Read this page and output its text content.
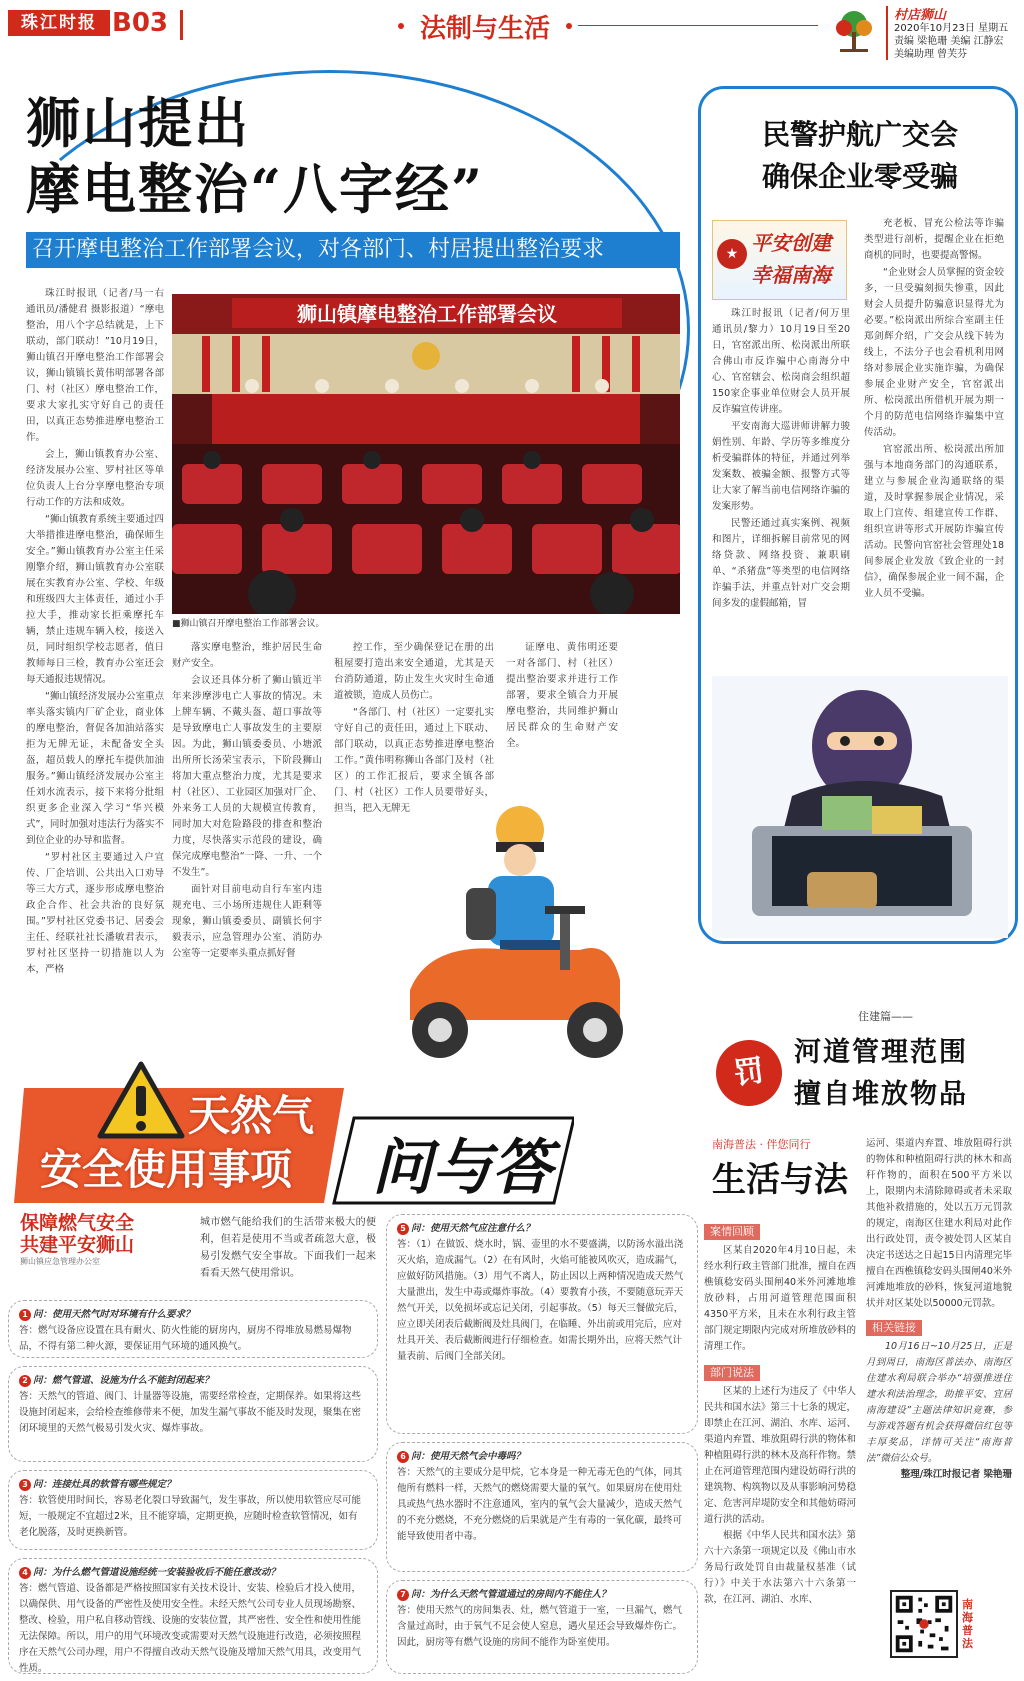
珠江时报 B03	法制与生活	村店狮山
2020年10月23日 星期五
责编 梁艳珊 美编 江静宏
美编助理 曾芙芬
狮山提出
摩电整治“八字经”
召开摩电整治工作部署会议，对各部门、村居提出整治要求
狮山镇摩电整治工作部署会议
■狮山镇召开摩电整治工作部署会议。

珠江时报讯（记者/马一右 通讯员/潘健君 摄影报道）“摩电整治，用八个字总结就是，上下联动，部门联动！”10月19日，狮山镇召开摩电整治工作部署会议，狮山镇镇长黄伟明部署各部门、村（社区）摩电整治工作，要求大家扎实守好自己的责任田，以真正态势推进摩电整治工作。

会上，狮山镇教育办公室、经济发展办公室、罗村社区等单位负责人上台分享摩电整治专项行动工作的方法和成效。

“狮山镇教育系统主要通过四大举措推进摩电整治，确保师生安全。”狮山镇教育办公室主任采刚擎介绍，狮山镇教育办公室联展在实教育办公室、学校、年级和班级四大主体责任，通过小手拉大手，推动家长拒乘摩托车辆，禁止违规车辆入校，接送入员，同时组织学校志愿者，值日教师每日三检，教育办公室还会每天通报违规情况。

“狮山镇经济发展办公室重点率头落实镇内厂矿企业，商业体的摩电整治，督促各加油站落实拒为无牌无证，未配备安全头盔，超员载人的摩托车提供加油服务。”狮山镇经济发展办公室主任刘水流表示，接下来将分批组织更多企业深入学习“华兴模式”，同时加强对违法行为落实不到位企业的办导和监督。

“罗村社区主要通过入户宣传、厂企培训、公共出入口劝导等三大方式，逐步形成摩电整治政企合作、社会共治的良好氛围。”罗村社区党委书记、居委会主任、经联社社长潘敏君表示，罗村社区坚持一切措施以人为本，严格

落实摩电整治，维护居民生命财产安全。

会议还具体分析了狮山镇近半年来涉摩涉电亡人事故的情况。未上牌车辆、不戴头盔、超口事故等是导致摩电亡人事故发生的主要原因。为此，狮山镇委委员、小塘派出所所长汤荣宝表示，下阶段狮山将加大重点整治力度，尤其是要求村（社区）、工业园区加强对厂企、外来务工人员的大规模宣传教育，同时加大对危险路段的排查和整治力度，尽快落实示范段的建设，确保完成摩电整治“一降、一升、一个不发生”。

面针对目前电动自行车室内违规充电、三小场所违规住人距剩等现象，狮山镇委委员、副镇长何宇毅表示，应急管理办公室、消防办公室等一定要率头重点抓好督

控工作，至少确保登记在册的出租屋要打造出来安全通道，尤其是天台消防通道，防止发生火灾时生命通道被锁，造成人员伤亡。

“各部门、村（社区）一定要扎实守好自己的责任田，通过上下联动、部门联动，以真正态势推进摩电整治工作。”黄伟明称狮山各部门及村（社区）的工作汇报后，要求全镇各部门、村（社区）工作人员要带好头，担当，把入无牌无

证摩电、黄伟明还要一对各部门、村（社区）提出整治要求并进行工作部署，要求全镇合力开展摩电整治，共同维护狮山居民群众的生命财产安全。

民警护航广交会
确保企业零受骗
★ 平安创建
幸福南海

珠江时报讯（记者/何万里 通讯员/黎力）10月19日至20日，官窑派出所、松岗派出所联合佛山市反诈骗中心南海分中心、官窑辖会、松岗商会组织超150家企事业单位财会人员开展反诈骗宣传讲座。

平安南海大巡讲师讲解力骏娟性别、年龄、学历等多维度分析受骗群体的特征，并通过列举发案数、被骗金额、报警方式等让大家了解当前电信网络诈骗的发案形势。

民警还通过真实案例、视频和图片，详细拆解目前常见的网络贷款、网络投资、兼职刷单、“杀猪盘”等类型的电信网络诈骗手法，并重点针对广交会期间多发的虚假邮箱，冒

充老板、冒充公检法等诈骗类型进行剖析，提醒企业在拒绝商机的同时，也要提高警惕。

“企业财会人员掌握的资金较多，一旦受骗刻损失惨重，因此财会人员提升防骗意识显得尤为必要。”松岗派出所综合室副主任郑剑辉介绍，广交会从线下转为线上，不法分子也会看机利用网络对参展企业实施诈骗，为确保参展企业财产安全，官窑派出所、松岗派出所借机开展为期一个月的防范电信网络诈骗集中宣传活动。

官窑派出所、松岗派出所加强与本地商务部门的沟通联系，建立与参展企业沟通联络的渠道，及时掌握参展企业情况，采取上门宣传、组建宣传工作群、组织宣讲等形式开展防诈骗宣传活动。民警向官窑社会管理处18间参展企业发放《致企业的一封信》，确保参展企业一间不漏，企业人员不受骗。

天然气
安全使用事项 问与答
保障燃气安全
共建平安狮山
狮山镇应急管理办公室
城市燃气能给我们的生活带来极大的便利，但若是使用不当或者疏忽大意，极易引发燃气安全事故。下面我们一起来看看天然气使用常识。
1 问：使用天然气时对环境有什么要求？
答：燃气设备应设置在具有耐火、防火性能的厨房内，厨房不得堆放易燃易爆物品，不得有第二种火源，要保证用气环境的通风换气。
2 问：燃气管道、设施为什么不能封闭起来？
答：天然气的管道、阀门、计量器等设施，需要经常检查，定期保养。如果将这些设施封闭起来，会给检查维修带来不便，加发生漏气事故不能及时发现，聚集在密闭环境里的天然气极易引发火灾、爆炸事故。
3 问：连接灶具的软管有哪些规定？
答：软管使用时间长，容易老化裂口导致漏气，发生事故，所以使用软管应尽可能短，一般规定不宜超过2米，且不能穿墙，定期更换，应随时检查软管情况，如有老化脱落，及时更换新管。
4 问：为什么燃气管道设施经统一安装验收后不能任意改动？
答：燃气管道、设备都是严格按照国家有关技术设计、安装、检验后才投入使用，以确保供、用气设备的严密性及使用安全性。未经天然气公司专业人员现场勘察、整改、检验，用户私自移动管线、设施的安装位置，其严密性、安全性和使用性能无法保障。所以，用户的用气环境改变或需要对天然气设施进行改造，必须按照程序在天然气公司办理，用户不得擅自改动天然气设施及增加天然气用具，改变用气性质。
5 问：使用天然气应注意什么？
答：（1）在做饭、烧水时，锅、壶里的水不要盛满，以防汤水溢出浇灭火焰，造成漏气。（2）在有风时，火焰可能被风吹灭，造成漏气，应做好防风措施。（3）用气不离人，防止因以上两种情况造成天然气大量泄出，发生中毒或爆炸事故。（4）要教育小孩，不要随意玩弄天然气开关，以免损坏或忘记关闭，引起事故。（5）每天三餐做完后，应立即关闭表后截断阀及灶具阀门，在临睡、外出前或用完后，应对灶具开关、表后截断阀进行仔细检查。如需长期外出，应将天然气计量表前、后阀门全部关闭。
6 问：使用天然气会中毒吗？
答：天然气的主要成分是甲烷，它本身是一种无毒无色的气体，同其他所有燃料一样，天然气的燃烧需要大量的氧气。如果厨房在使用灶具或热气热水器时不注意通风，室内的氧气会大量减少，造成天然气的不充分燃烧，不充分燃烧的后果就是产生有毒的一氧化碳，最终可能导致使用者中毒。
7 问：为什么天然气管道通过的房间内不能住人？
答：使用天然气的房间集表、灶，燃气管道于一室，一旦漏气，燃气含量过高时，由于氧气不足会使人窒息，遇火星还会导致爆炸伤亡。因此，厨房等有燃气设施的房间不能作为卧室使用。
罚
住建篇——
河道管理范围
擅自堆放物品
南海普法 · 伴您同行
生活与法
案情回顾

区某自2020年4月10日起，未经水利行政主管部门批准，擅自在西樵镇稔安码头围闸40米外河滩地堆放砂料，占用河道管理范围面积4350平方米，且未在水利行政主管部门规定期限内完成对所堆放砂料的清理工作。

部门说法

区某的上述行为违反了《中华人民共和国水法》第三十七条的规定，即禁止在江河、湖泊、水库、运河、渠道内弃置、堆放阻碍行洪的物体和种植阻碍行洪的林木及高秆作物。禁止在河道管理范围内建设妨碍行洪的建筑物、构筑物以及从事影响河势稳定、危害河岸堤防安全和其他妨碍河道行洪的活动。

根据《中华人民共和国水法》第六十六条第一项规定以及《佛山市水务局行政处罚自由裁量权基准（试行）》中关于水法第六十六条第一款，在江河、湖泊、水库、

运河、渠道内弃置、堆放阻碍行洪的物体和种植阻碍行洪的林木和高秆作物的，面积在500平方米以上，限期内未清除障碍或者未采取其他补救措施的，处以五万元罚款的规定，南海区住建水利局对此作出行政处罚，责令被处罚人区某自决定书送达之日起15日内清理完毕擅自在西樵镇稔安码头围闸40米外河滩地堆放的砂料，恢复河道地貌状并对区某处以50000元罚款。

相关链接

10月16日~10月25日，正是月到周日，南海区普法办、南海区住建水利局联合举办“培强推进住建水利法治理念，助推平安、宜居南海建设”主题法律知识竞赛，参与游戏答题有机会获得微信红包等丰厚奖品，详情可关注“南海普法”微信公众号。

整理/珠江时报记者 梁艳珊

南海普法
